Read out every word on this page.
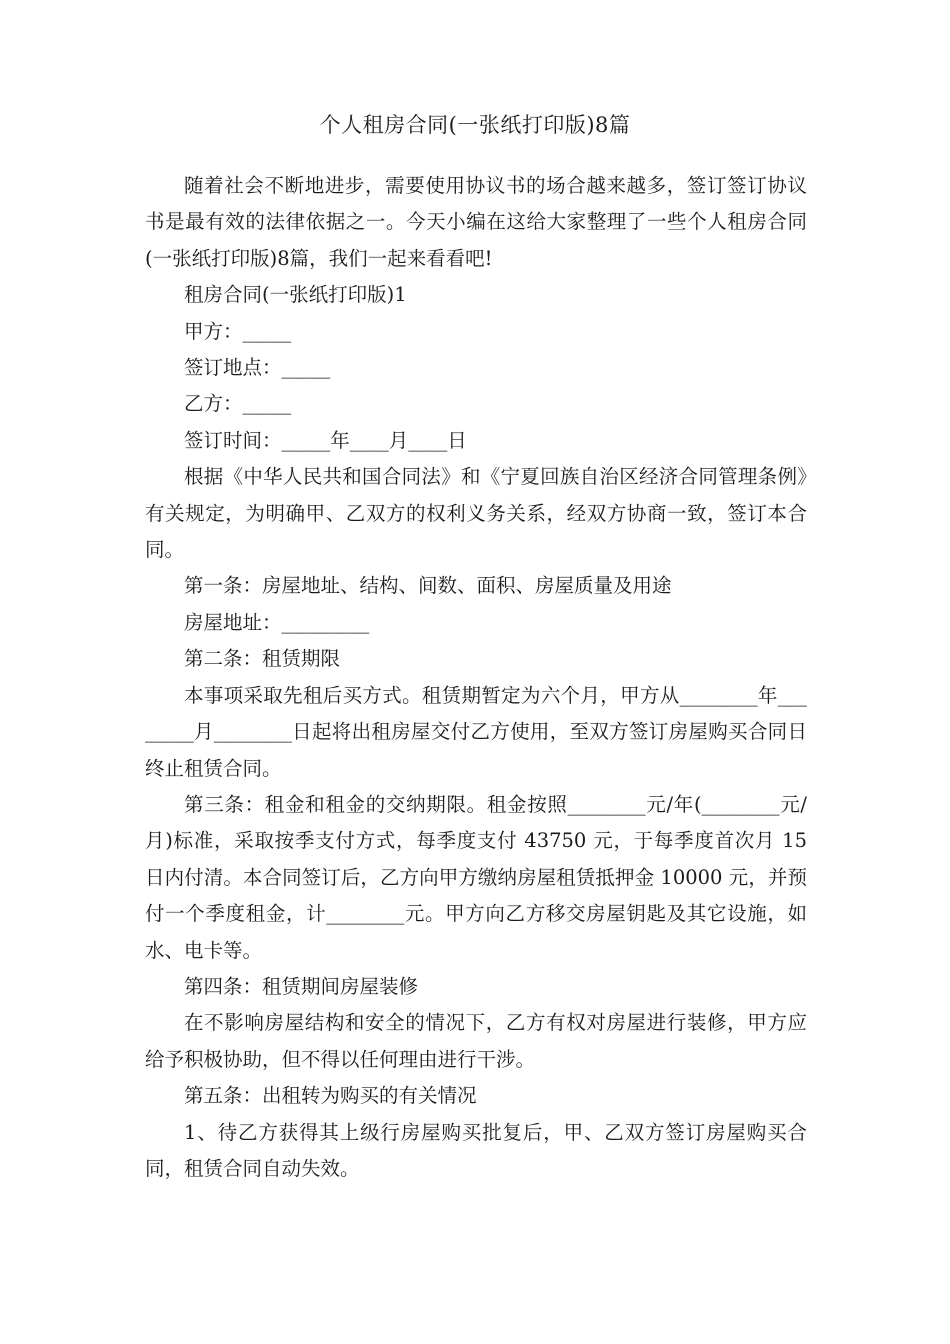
个人租房合同(一张纸打印版)8篇

随着社会不断地进步，需要使用协议书的场合越来越多，签订签订协议书是最有效的法律依据之一。今天小编在这给大家整理了一些个人租房合同(一张纸打印版)8篇，我们一起来看看吧!

租房合同(一张纸打印版)1

甲方：_____

签订地点：_____

乙方：_____

签订时间：_____年____月____日

根据《中华人民共和国合同法》和《宁夏回族自治区经济合同管理条例》有关规定，为明确甲、乙双方的权利义务关系，经双方协商一致，签订本合同。

第一条：房屋地址、结构、间数、面积、房屋质量及用途

房屋地址：_________

第二条：租赁期限

本事项采取先租后买方式。租赁期暂定为六个月，甲方从________年________月________日起将出租房屋交付乙方使用，至双方签订房屋购买合同日终止租赁合同。

第三条：租金和租金的交纳期限。租金按照________元/年(________元/月)标准，采取按季支付方式，每季度支付 43750 元，于每季度首次月 15 日内付清。本合同签订后，乙方向甲方缴纳房屋租赁抵押金 10000 元，并预付一个季度租金，计________元。甲方向乙方移交房屋钥匙及其它设施，如水、电卡等。

第四条：租赁期间房屋装修

在不影响房屋结构和安全的情况下，乙方有权对房屋进行装修，甲方应给予积极协助，但不得以任何理由进行干涉。

第五条：出租转为购买的有关情况

1、待乙方获得其上级行房屋购买批复后，甲、乙双方签订房屋购买合同，租赁合同自动失效。
